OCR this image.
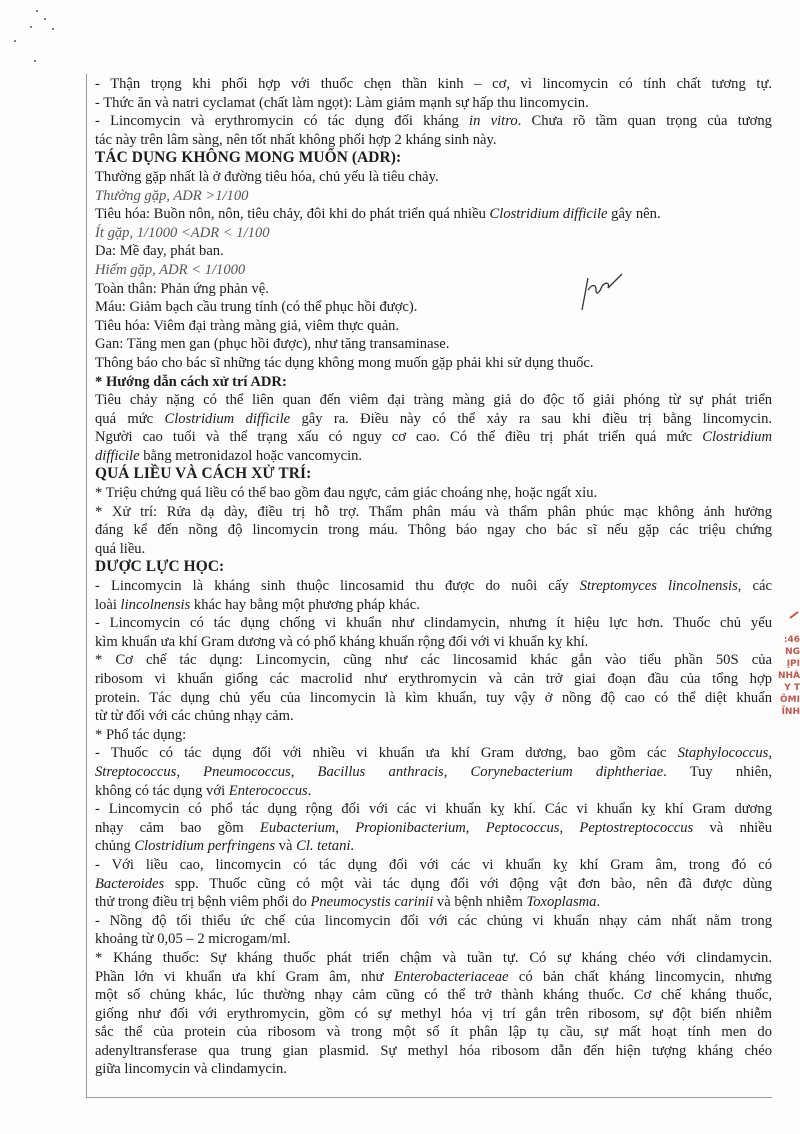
- Thận trọng khi phối hợp với thuốc chẹn thần kinh – cơ, vì lincomycin có tính chất tương tự.
- Thức ăn và natri cyclamat (chất làm ngọt): Làm giảm mạnh sự hấp thu lincomycin.
- Lincomycin và erythromycin có tác dụng đối kháng in vitro. Chưa rõ tầm quan trọng của tương
tác này trên lâm sàng, nên tốt nhất không phối hợp 2 kháng sinh này.
TÁC DỤNG KHÔNG MONG MUỐN (ADR):
Thường gặp nhất là ở đường tiêu hóa, chủ yếu là tiêu chảy.
Thường gặp, ADR >1/100
Tiêu hóa: Buồn nôn, nôn, tiêu chảy, đôi khi do phát triển quá nhiều Clostridium difficile gây nên.
Ít gặp, 1/1000 <ADR < 1/100
Da: Mề đay, phát ban.
Hiếm gặp, ADR < 1/1000
Toàn thân: Phản ứng phản vệ.
Máu: Giảm bạch cầu trung tính (có thể phục hồi được).
Tiêu hóa: Viêm đại tràng màng giả, viêm thực quản.
Gan: Tăng men gan (phục hồi được), như tăng transaminase.
Thông báo cho bác sĩ những tác dụng không mong muốn gặp phải khi sử dụng thuốc.
* Hướng dẫn cách xử trí ADR:
Tiêu chảy nặng có thể liên quan đến viêm đại tràng màng giả do độc tố giải phóng từ sự phát triển
quá mức Clostridium difficile gây ra. Điều này có thể xảy ra sau khi điều trị bằng lincomycin.
Người cao tuổi và thể trạng xấu có nguy cơ cao. Có thể điều trị phát triển quá mức Clostridium
difficile bằng metronidazol hoặc vancomycin.
QUÁ LIỀU VÀ CÁCH XỬ TRÍ:
* Triệu chứng quá liều có thể bao gồm đau ngực, cảm giác choáng nhẹ, hoặc ngất xỉu.
* Xử trí: Rửa dạ dày, điều trị hỗ trợ. Thẩm phân máu và thẩm phân phúc mạc không ảnh hưởng
đáng kể đến nồng độ lincomycin trong máu. Thông báo ngay cho bác sĩ nếu gặp các triệu chứng
quá liều.
DƯỢC LỰC HỌC:
- Lincomycin là kháng sinh thuộc lincosamid thu được do nuôi cấy Streptomyces lincolnensis, các
loài lincolnensis khác hay bằng một phương pháp khác.
- Lincomycin có tác dụng chống vi khuẩn như clindamycin, nhưng ít hiệu lực hơn. Thuốc chủ yếu
kìm khuẩn ưa khí Gram dương và có phổ kháng khuẩn rộng đối với vi khuẩn kỵ khí.
* Cơ chế tác dụng: Lincomycin, cũng như các lincosamid khác gắn vào tiểu phần 50S của
ribosom vi khuẩn giống các macrolid như erythromycin và cản trở giai đoạn đầu của tổng hợp
protein. Tác dụng chủ yếu của lincomycin là kìm khuẩn, tuy vậy ở nồng độ cao có thể diệt khuẩn
từ từ đối với các chủng nhạy cảm.
* Phổ tác dụng:
- Thuốc có tác dụng đối với nhiều vi khuẩn ưa khí Gram dương, bao gồm các Staphylococcus,
Streptococcus, Pneumococcus, Bacillus anthracis, Corynebacterium diphtheriae. Tuy nhiên,
không có tác dụng với Enterococcus.
- Lincomycin có phổ tác dụng rộng đối với các vi khuẩn kỵ khí. Các vi khuẩn kỵ khí Gram dương
nhạy cảm bao gồm Eubacterium, Propionibacterium, Peptococcus, Peptostreptococcus và nhiều
chủng Clostridium perfringens và Cl. tetani.
- Với liều cao, lincomycin có tác dụng đối với các vi khuẩn kỵ khí Gram âm, trong đó có
Bacteroides spp. Thuốc cũng có một vài tác dụng đối với động vật đơn bào, nên đã được dùng
thử trong điều trị bệnh viêm phổi do Pneumocystis carinii và bệnh nhiễm Toxoplasma.
- Nồng độ tối thiểu ức chế của lincomycin đối với các chủng vi khuẩn nhạy cảm nhất nằm trong
khoảng từ 0,05 – 2 microgam/ml.
* Kháng thuốc: Sự kháng thuốc phát triển chậm và tuần tự. Có sự kháng chéo với clindamycin.
Phần lớn vi khuẩn ưa khí Gram âm, như Enterobacteriaceae có bản chất kháng lincomycin, nhưng
một số chủng khác, lúc thường nhạy cảm cũng có thể trở thành kháng thuốc. Cơ chế kháng thuốc,
giống như đối với erythromycin, gồm có sự methyl hóa vị trí gắn trên ribosom, sự đột biến nhiễm
sắc thể của protein của ribosom và trong một số ít phân lập tụ cầu, sự mất hoạt tính men do
adenyltransferase qua trung gian plasmid. Sự methyl hóa ribosom dẫn đến hiện tượng kháng chéo
giữa lincomycin và clindamycin.
:46
NG
ỊPI
NHÀ
Y T
ÔMI
ĨNH
